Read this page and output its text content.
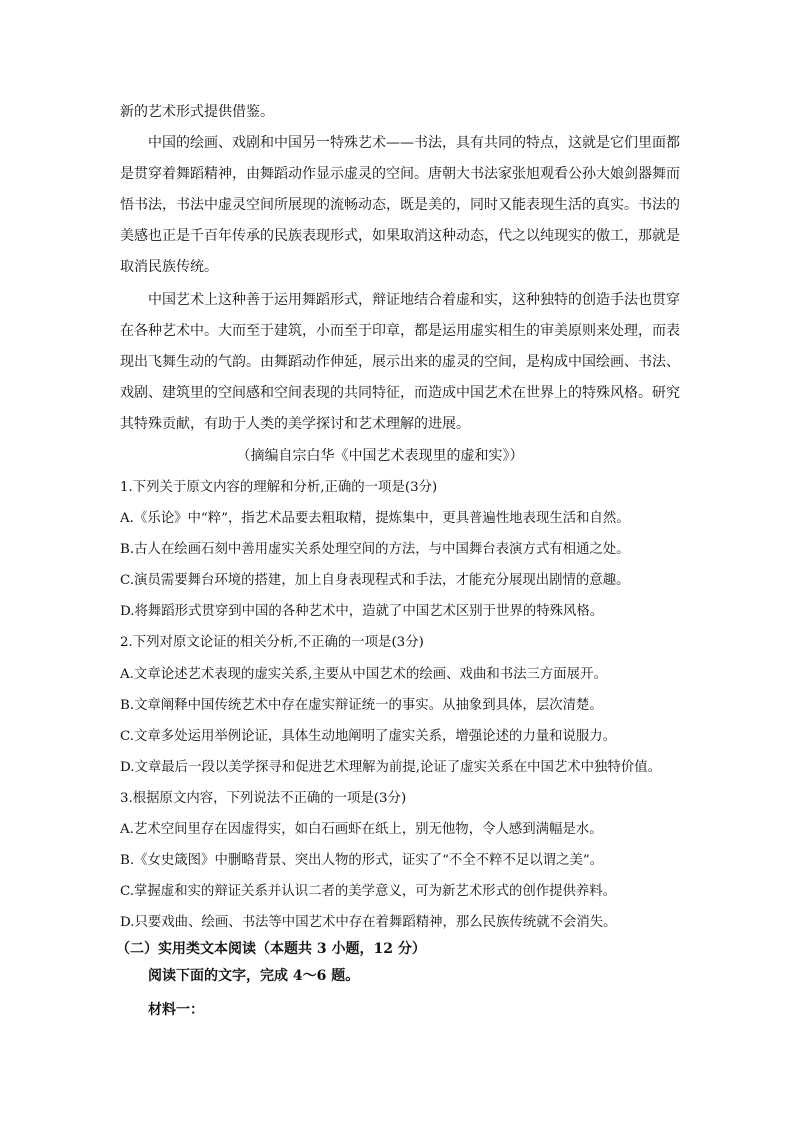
新的艺术形式提供借鉴。
中国的绘画、戏剧和中国另一特殊艺术——书法，具有共同的特点，这就是它们里面都
是贯穿着舞蹈精神，由舞蹈动作显示虚灵的空间。唐朝大书法家张旭观看公孙大娘剑器舞而
悟书法，书法中虚灵空间所展现的流畅动态，既是美的，同时又能表现生活的真实。书法的
美感也正是千百年传承的民族表现形式，如果取消这种动态，代之以纯现实的傲工，那就是
取消民族传统。
中国艺术上这种善于运用舞蹈形式，辩证地结合着虚和实，这种独特的创造手法也贯穿
在各种艺术中。大而至于建筑，小而至于印章，都是运用虚实相生的审美原则来处理，而表
现出飞舞生动的气韵。由舞蹈动作伸延，展示出来的虚灵的空间，是构成中国绘画、书法、
戏剧、建筑里的空间感和空间表现的共同特征，而造成中国艺术在世界上的特殊风格。研究
其特殊贡献，有助于人类的美学探讨和艺术理解的进展。
（摘编自宗白华《中国艺术表现里的虚和实》）
1.下列关于原文内容的理解和分析,正确的一项是(3分)
A.《乐论》中“粹”，指艺术品要去粗取精，提炼集中，更具普遍性地表现生活和自然。
B.古人在绘画石刻中善用虚实关系处理空间的方法，与中国舞台表演方式有相通之处。
C.演员需要舞台环境的搭建，加上自身表现程式和手法，才能充分展现出剧情的意趣。
D.将舞蹈形式贯穿到中国的各种艺术中，造就了中国艺术区别于世界的特殊风格。
2.下列对原文论证的相关分析,不正确的一项是(3分)
A.文章论述艺术表现的虚实关系,主要从中国艺术的绘画、戏曲和书法三方面展开。
B.文章阐释中国传统艺术中存在虚实辩证统一的事实。从抽象到具体，层次清楚。
C.文章多处运用举例论证，具体生动地阐明了虚实关系，增强论述的力量和说服力。
D.文章最后一段以美学探寻和促进艺术理解为前提,论证了虚实关系在中国艺术中独特价值。
3.根据原文内容，下列说法不正确的一项是(3分)
A.艺术空间里存在因虚得实，如白石画虾在纸上，别无他物，令人感到满幅是水。
B.《女史箴图》中删略背景、突出人物的形式，证实了“不全不粹不足以谓之美”。
C.掌握虚和实的辩证关系并认识二者的美学意义，可为新艺术形式的创作提供养料。
D.只要戏曲、绘画、书法等中国艺术中存在着舞蹈精神，那么民族传统就不会消失。
（二）实用类文本阅读（本题共 3 小题，12 分）
阅读下面的文字，完成 4～6 题。
材料一：
